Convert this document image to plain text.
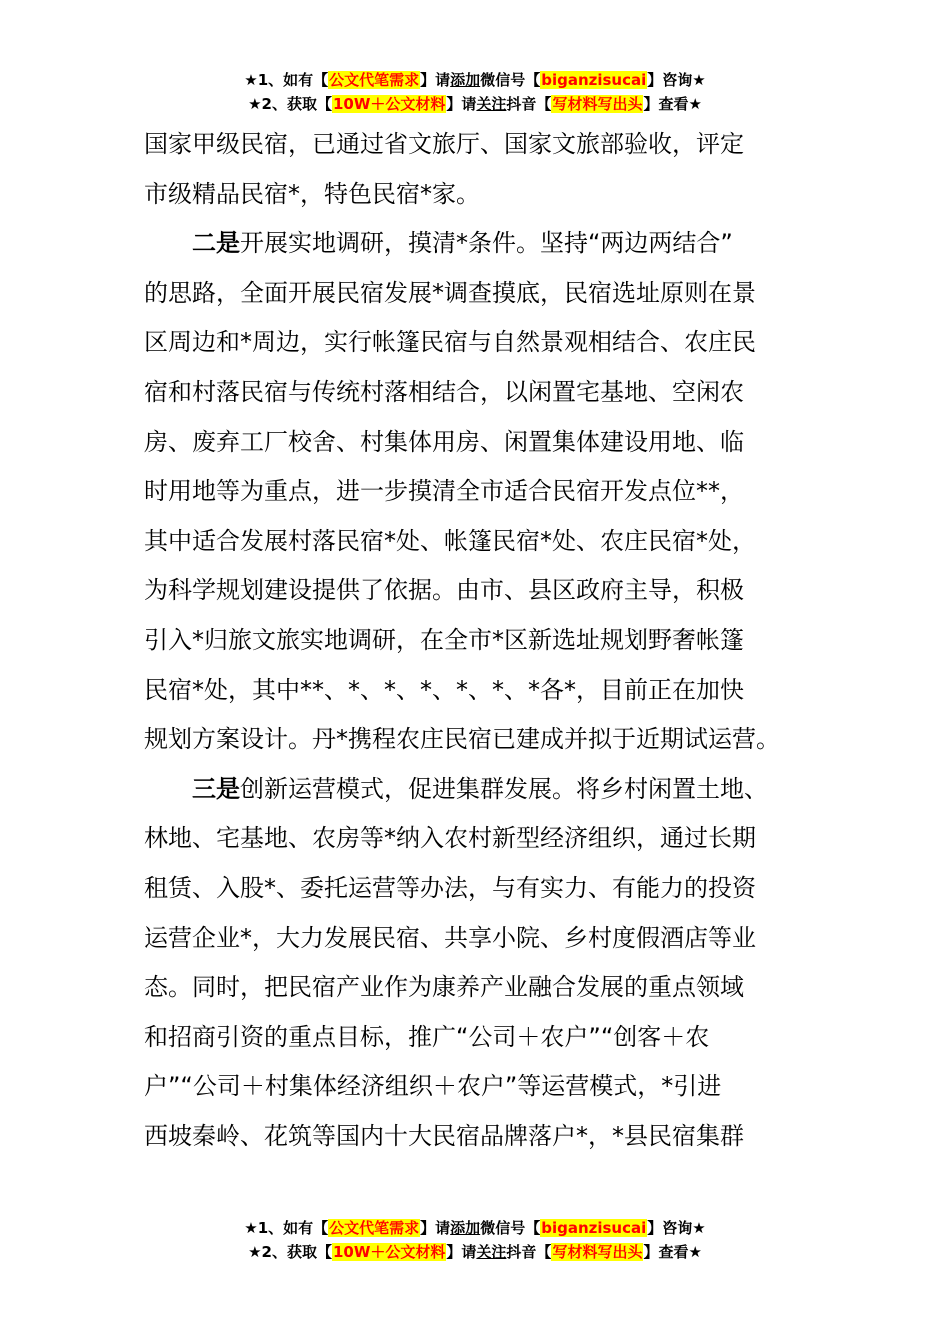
★1、如有【公文代笔需求】请添加微信号【biganzisucai】咨询★
★2、获取【10W＋公文材料】请关注抖音【写材料写出头】查看★
国家甲级民宿，已通过省文旅厅、国家文旅部验收，评定
市级精品民宿*，特色民宿*家。
二是开展实地调研，摸清*条件。坚持“两边两结合”
的思路，全面开展民宿发展*调查摸底，民宿选址原则在景
区周边和*周边，实行帐篷民宿与自然景观相结合、农庄民
宿和村落民宿与传统村落相结合，以闲置宅基地、空闲农
房、废弃工厂校舍、村集体用房、闲置集体建设用地、临
时用地等为重点，进一步摸清全市适合民宿开发点位**，
其中适合发展村落民宿*处、帐篷民宿*处、农庄民宿*处，
为科学规划建设提供了依据。由市、县区政府主导，积极
引入*归旅文旅实地调研，在全市*区新选址规划野奢帐篷
民宿*处，其中**、*、*、*、*、*、*各*，目前正在加快
规划方案设计。丹*携程农庄民宿已建成并拟于近期试运营。
三是创新运营模式，促进集群发展。将乡村闲置土地、
林地、宅基地、农房等*纳入农村新型经济组织，通过长期
租赁、入股*、委托运营等办法，与有实力、有能力的投资
运营企业*，大力发展民宿、共享小院、乡村度假酒店等业
态。同时，把民宿产业作为康养产业融合发展的重点领域
和招商引资的重点目标，推广“公司＋农户”“创客＋农
户”“公司＋村集体经济组织＋农户”等运营模式，*引进
西坡秦岭、花筑等国内十大民宿品牌落户*，*县民宿集群
★1、如有【公文代笔需求】请添加微信号【biganzisucai】咨询★
★2、获取【10W＋公文材料】请关注抖音【写材料写出头】查看★
